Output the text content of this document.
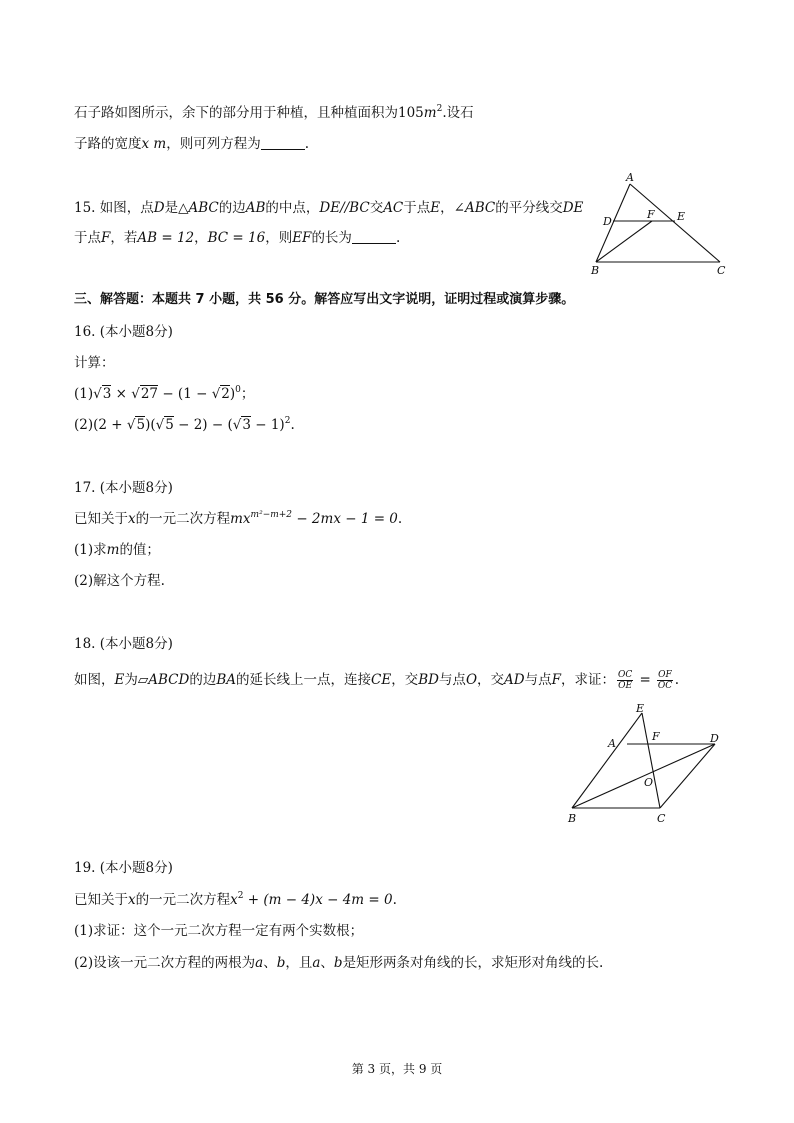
石子路如图所示，余下的部分用于种植，且种植面积为$105m^2$.设石
子路的宽度x m，则可列方程为	.
15. 如图，点D是△ABC的边AB的中点，DE//BC交AC于点E，∠ABC的平分线交DE
于点F，若AB = 12，BC = 16，则EF的长为	.
A
D
F E
B	C
三、解答题：本题共 7 小题，共 56 分。解答应写出文字说明，证明过程或演算步骤。
16. (本小题8分)
计算：
$(1)√3 \times √27 - (1 - √2)^0$；
$(2)(2 + √5)(√5 - 2) - (√3 - 1)^2$.
17. (本小题8分)
已知关于x的一元二次方程$mx^{m^2-m+2} - 2mx - 1 = 0$.
(1)求m的值；
(2)解这个方程.
18. (本小题8分)
如图，E为▱ABCD的边BA的延长线上一点，连接CE，交BD与点O，交AD与点F，求证： $\frac{OC}{OE} = \frac{OF}{OC}$ .
E
A
F	D
O
B	C
19. (本小题8分)
已知关于x的一元二次方程$x^2 + (m - 4)x - 4m = 0$.
(1)求证：这个一元二次方程一定有两个实数根；
(2)设该一元二次方程的两根为a、b，且a、b是矩形两条对角线的长，求矩形对角线的长.
第 3 页，共 9 页
